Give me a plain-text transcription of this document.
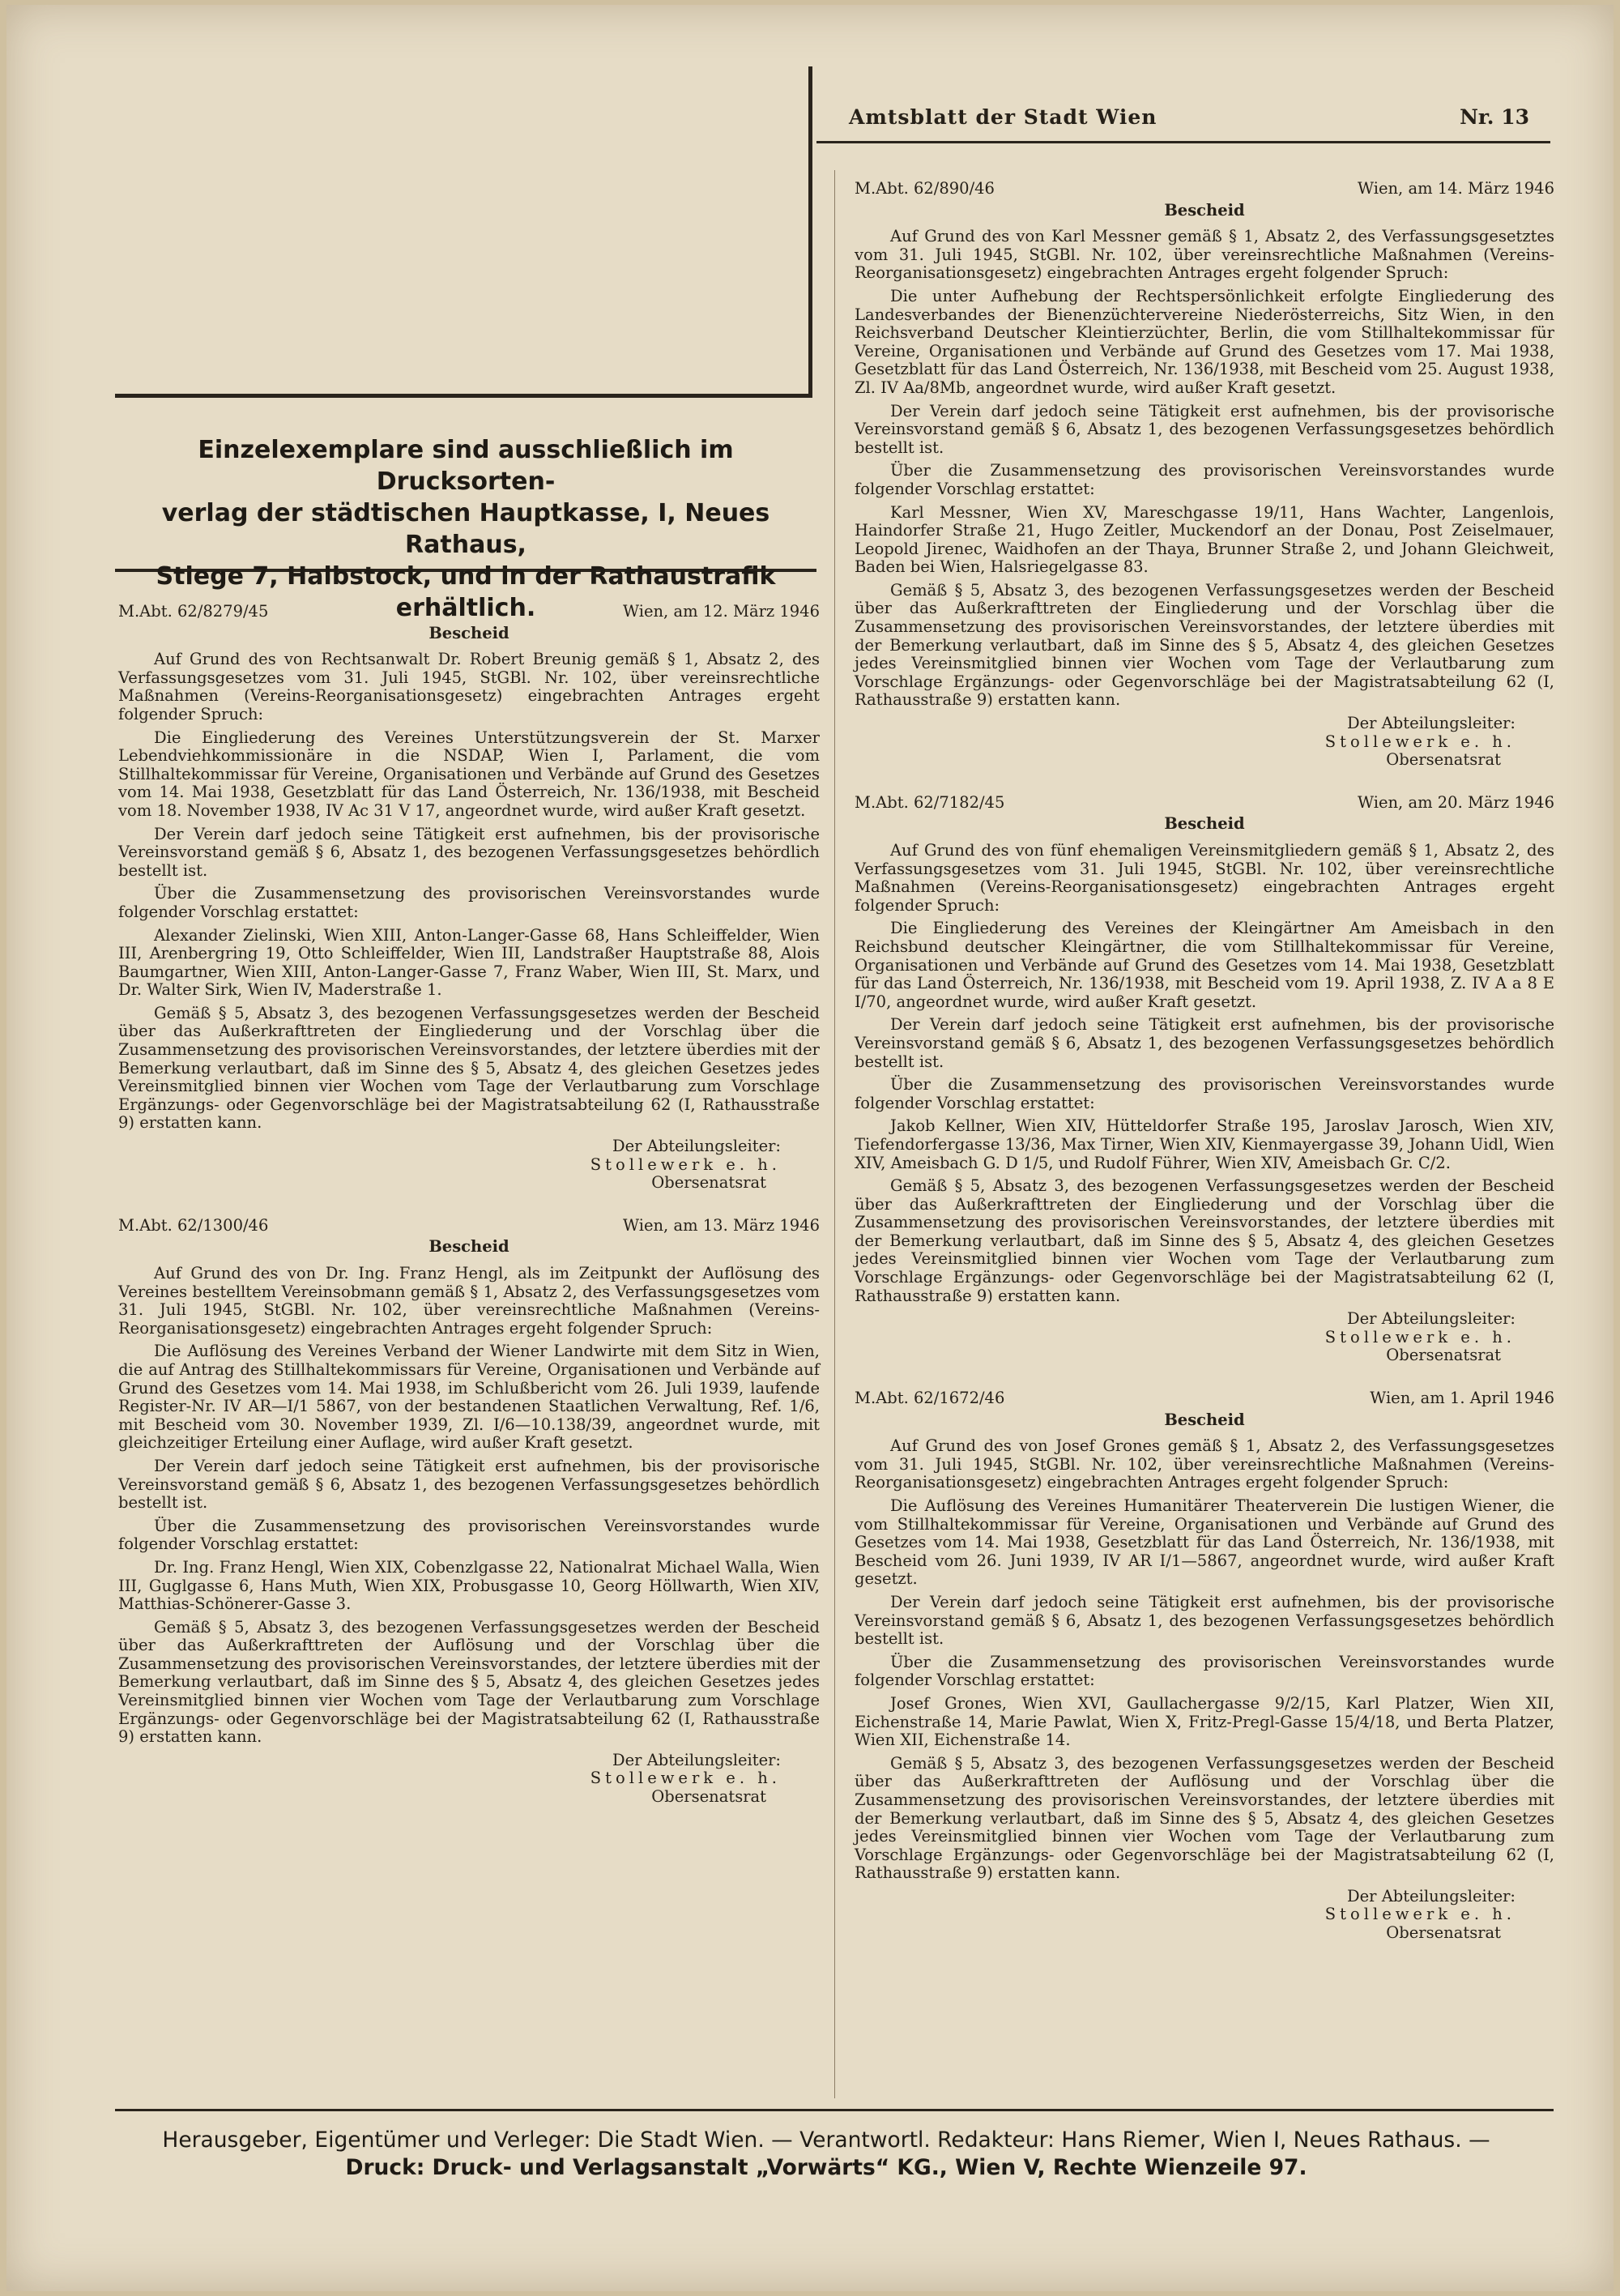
Amtsblatt der Stadt Wien	Nr. 13
Einzelexemplare sind ausschließlich im Drucksorten-
verlag der städtischen Hauptkasse, I, Neues Rathaus,
Stiege 7, Halbstock, und in der Rathaustrafik erhältlich.
M.Abt. 62/8279/45	Wien, am 12. März 1946
Bescheid

Auf Grund des von Rechtsanwalt Dr. Robert Breunig gemäß § 1, Absatz 2, des Verfassungsgesetzes vom 31. Juli 1945, StGBl. Nr. 102, über vereinsrechtliche Maßnahmen (Vereins-Reorganisationsgesetz) eingebrachten Antrages ergeht folgender Spruch:

Die Eingliederung des Vereines Unterstützungsverein der St. Marxer Lebendviehkommissionäre in die NSDAP, Wien I, Parlament, die vom Stillhaltekommissar für Vereine, Organisationen und Verbände auf Grund des Gesetzes vom 14. Mai 1938, Gesetzblatt für das Land Österreich, Nr. 136/1938, mit Bescheid vom 18. November 1938, IV Ac 31 V 17, angeordnet wurde, wird außer Kraft gesetzt.

Der Verein darf jedoch seine Tätigkeit erst aufnehmen, bis der provisorische Vereinsvorstand gemäß § 6, Absatz 1, des bezogenen Verfassungsgesetzes behördlich bestellt ist.

Über die Zusammensetzung des provisorischen Vereinsvorstandes wurde folgender Vorschlag erstattet:

Alexander Zielinski, Wien XIII, Anton-Langer-Gasse 68, Hans Schleiffelder, Wien III, Arenbergring 19, Otto Schleiffelder, Wien III, Landstraßer Hauptstraße 88, Alois Baumgartner, Wien XIII, Anton-Langer-Gasse 7, Franz Waber, Wien III, St. Marx, und Dr. Walter Sirk, Wien IV, Maderstraße 1.

Gemäß § 5, Absatz 3, des bezogenen Verfassungsgesetzes werden der Bescheid über das Außerkrafttreten der Eingliederung und der Vorschlag über die Zusammensetzung des provisorischen Vereinsvorstandes, der letztere überdies mit der Bemerkung verlautbart, daß im Sinne des § 5, Absatz 4, des gleichen Gesetzes jedes Vereinsmitglied binnen vier Wochen vom Tage der Verlautbarung zum Vorschlage Ergänzungs- oder Gegenvorschläge bei der Magistratsabteilung 62 (I, Rathausstraße 9) erstatten kann.

Der Abteilungsleiter:
Stollewerk e. h.
Obersenatsrat
M.Abt. 62/1300/46	Wien, am 13. März 1946
Bescheid

Auf Grund des von Dr. Ing. Franz Hengl, als im Zeitpunkt der Auflösung des Vereines bestelltem Vereinsobmann gemäß § 1, Absatz 2, des Verfassungsgesetzes vom 31. Juli 1945, StGBl. Nr. 102, über vereinsrechtliche Maßnahmen (Vereins-Reorganisationsgesetz) eingebrachten Antrages ergeht folgender Spruch:

Die Auflösung des Vereines Verband der Wiener Landwirte mit dem Sitz in Wien, die auf Antrag des Stillhaltekommissars für Vereine, Organisationen und Verbände auf Grund des Gesetzes vom 14. Mai 1938, im Schlußbericht vom 26. Juli 1939, laufende Register-Nr. IV AR—I/1 5867, von der bestandenen Staatlichen Verwaltung, Ref. 1/6, mit Bescheid vom 30. November 1939, Zl. I/6—10.138/39, angeordnet wurde, mit gleichzeitiger Erteilung einer Auflage, wird außer Kraft gesetzt.

Der Verein darf jedoch seine Tätigkeit erst aufnehmen, bis der provisorische Vereinsvorstand gemäß § 6, Absatz 1, des bezogenen Verfassungsgesetzes behördlich bestellt ist.

Über die Zusammensetzung des provisorischen Vereinsvorstandes wurde folgender Vorschlag erstattet:

Dr. Ing. Franz Hengl, Wien XIX, Cobenzlgasse 22, Nationalrat Michael Walla, Wien III, Guglgasse 6, Hans Muth, Wien XIX, Probusgasse 10, Georg Höllwarth, Wien XIV, Matthias-Schönerer-Gasse 3.

Gemäß § 5, Absatz 3, des bezogenen Verfassungsgesetzes werden der Bescheid über das Außerkrafttreten der Auflösung und der Vorschlag über die Zusammensetzung des provisorischen Vereinsvorstandes, der letztere überdies mit der Bemerkung verlautbart, daß im Sinne des § 5, Absatz 4, des gleichen Gesetzes jedes Vereinsmitglied binnen vier Wochen vom Tage der Verlautbarung zum Vorschlage Ergänzungs- oder Gegenvorschläge bei der Magistratsabteilung 62 (I, Rathausstraße 9) erstatten kann.

Der Abteilungsleiter:
Stollewerk e. h.
Obersenatsrat
M.Abt. 62/890/46	Wien, am 14. März 1946
Bescheid

Auf Grund des von Karl Messner gemäß § 1, Absatz 2, des Verfassungsgesetztes vom 31. Juli 1945, StGBl. Nr. 102, über vereinsrechtliche Maßnahmen (Vereins-Reorganisationsgesetz) eingebrachten Antrages ergeht folgender Spruch:

Die unter Aufhebung der Rechtspersönlichkeit erfolgte Eingliederung des Landesverbandes der Bienenzüchtervereine Niederösterreichs, Sitz Wien, in den Reichsverband Deutscher Kleintierzüchter, Berlin, die vom Stillhaltekommissar für Vereine, Organisationen und Verbände auf Grund des Gesetzes vom 17. Mai 1938, Gesetzblatt für das Land Österreich, Nr. 136/1938, mit Bescheid vom 25. August 1938, Zl. IV Aa/8Mb, angeordnet wurde, wird außer Kraft gesetzt.

Der Verein darf jedoch seine Tätigkeit erst aufnehmen, bis der provisorische Vereinsvorstand gemäß § 6, Absatz 1, des bezogenen Verfassungsgesetzes behördlich bestellt ist.

Über die Zusammensetzung des provisorischen Vereinsvorstandes wurde folgender Vorschlag erstattet:

Karl Messner, Wien XV, Mareschgasse 19/11, Hans Wachter, Langenlois, Haindorfer Straße 21, Hugo Zeitler, Muckendorf an der Donau, Post Zeiselmauer, Leopold Jirenec, Waidhofen an der Thaya, Brunner Straße 2, und Johann Gleichweit, Baden bei Wien, Halsriegelgasse 83.

Gemäß § 5, Absatz 3, des bezogenen Verfassungsgesetzes werden der Bescheid über das Außerkrafttreten der Eingliederung und der Vorschlag über die Zusammensetzung des provisorischen Vereinsvorstandes, der letztere überdies mit der Bemerkung verlautbart, daß im Sinne des § 5, Absatz 4, des gleichen Gesetzes jedes Vereinsmitglied binnen vier Wochen vom Tage der Verlautbarung zum Vorschlage Ergänzungs- oder Gegenvorschläge bei der Magistratsabteilung 62 (I, Rathausstraße 9) erstatten kann.

Der Abteilungsleiter:
Stollewerk e. h.
Obersenatsrat
M.Abt. 62/7182/45	Wien, am 20. März 1946
Bescheid

Auf Grund des von fünf ehemaligen Vereinsmitgliedern gemäß § 1, Absatz 2, des Verfassungsgesetzes vom 31. Juli 1945, StGBl. Nr. 102, über vereinsrechtliche Maßnahmen (Vereins-Reorganisationsgesetz) eingebrachten Antrages ergeht folgender Spruch:

Die Eingliederung des Vereines der Kleingärtner Am Ameisbach in den Reichsbund deutscher Kleingärtner, die vom Stillhaltekommissar für Vereine, Organisationen und Verbände auf Grund des Gesetzes vom 14. Mai 1938, Gesetzblatt für das Land Österreich, Nr. 136/1938, mit Bescheid vom 19. April 1938, Z. IV A a 8 E I/70, angeordnet wurde, wird außer Kraft gesetzt.

Der Verein darf jedoch seine Tätigkeit erst aufnehmen, bis der provisorische Vereinsvorstand gemäß § 6, Absatz 1, des bezogenen Verfassungsgesetzes behördlich bestellt ist.

Über die Zusammensetzung des provisorischen Vereinsvorstandes wurde folgender Vorschlag erstattet:

Jakob Kellner, Wien XIV, Hütteldorfer Straße 195, Jaroslav Jarosch, Wien XIV, Tiefendorfergasse 13/36, Max Tirner, Wien XIV, Kienmayergasse 39, Johann Uidl, Wien XIV, Ameisbach G. D 1/5, und Rudolf Führer, Wien XIV, Ameisbach Gr. C/2.

Gemäß § 5, Absatz 3, des bezogenen Verfassungsgesetzes werden der Bescheid über das Außerkrafttreten der Eingliederung und der Vorschlag über die Zusammensetzung des provisorischen Vereinsvorstandes, der letztere überdies mit der Bemerkung verlautbart, daß im Sinne des § 5, Absatz 4, des gleichen Gesetzes jedes Vereinsmitglied binnen vier Wochen vom Tage der Verlautbarung zum Vorschlage Ergänzungs- oder Gegenvorschläge bei der Magistratsabteilung 62 (I, Rathausstraße 9) erstatten kann.

Der Abteilungsleiter:
Stollewerk e. h.
Obersenatsrat
M.Abt. 62/1672/46	Wien, am 1. April 1946
Bescheid

Auf Grund des von Josef Grones gemäß § 1, Absatz 2, des Verfassungsgesetzes vom 31. Juli 1945, StGBl. Nr. 102, über vereinsrechtliche Maßnahmen (Vereins-Reorganisationsgesetz) eingebrachten Antrages ergeht folgender Spruch:

Die Auflösung des Vereines Humanitärer Theaterverein Die lustigen Wiener, die vom Stillhaltekommissar für Vereine, Organisationen und Verbände auf Grund des Gesetzes vom 14. Mai 1938, Gesetzblatt für das Land Österreich, Nr. 136/1938, mit Bescheid vom 26. Juni 1939, IV AR I/1—5867, angeordnet wurde, wird außer Kraft gesetzt.

Der Verein darf jedoch seine Tätigkeit erst aufnehmen, bis der provisorische Vereinsvorstand gemäß § 6, Absatz 1, des bezogenen Verfassungsgesetzes behördlich bestellt ist.

Über die Zusammensetzung des provisorischen Vereinsvorstandes wurde folgender Vorschlag erstattet:

Josef Grones, Wien XVI, Gaullachergasse 9/2/15, Karl Platzer, Wien XII, Eichenstraße 14, Marie Pawlat, Wien X, Fritz-Pregl-Gasse 15/4/18, und Berta Platzer, Wien XII, Eichenstraße 14.

Gemäß § 5, Absatz 3, des bezogenen Verfassungsgesetzes werden der Bescheid über das Außerkrafttreten der Auflösung und der Vorschlag über die Zusammensetzung des provisorischen Vereinsvorstandes, der letztere überdies mit der Bemerkung verlautbart, daß im Sinne des § 5, Absatz 4, des gleichen Gesetzes jedes Vereinsmitglied binnen vier Wochen vom Tage der Verlautbarung zum Vorschlage Ergänzungs- oder Gegenvorschläge bei der Magistratsabteilung 62 (I, Rathausstraße 9) erstatten kann.

Der Abteilungsleiter:
Stollewerk e. h.
Obersenatsrat
Herausgeber, Eigentümer und Verleger: Die Stadt Wien. — Verantwortl. Redakteur: Hans Riemer, Wien I, Neues Rathaus. —
Druck: Druck- und Verlagsanstalt „Vorwärts“ KG., Wien V, Rechte Wienzeile 97.
